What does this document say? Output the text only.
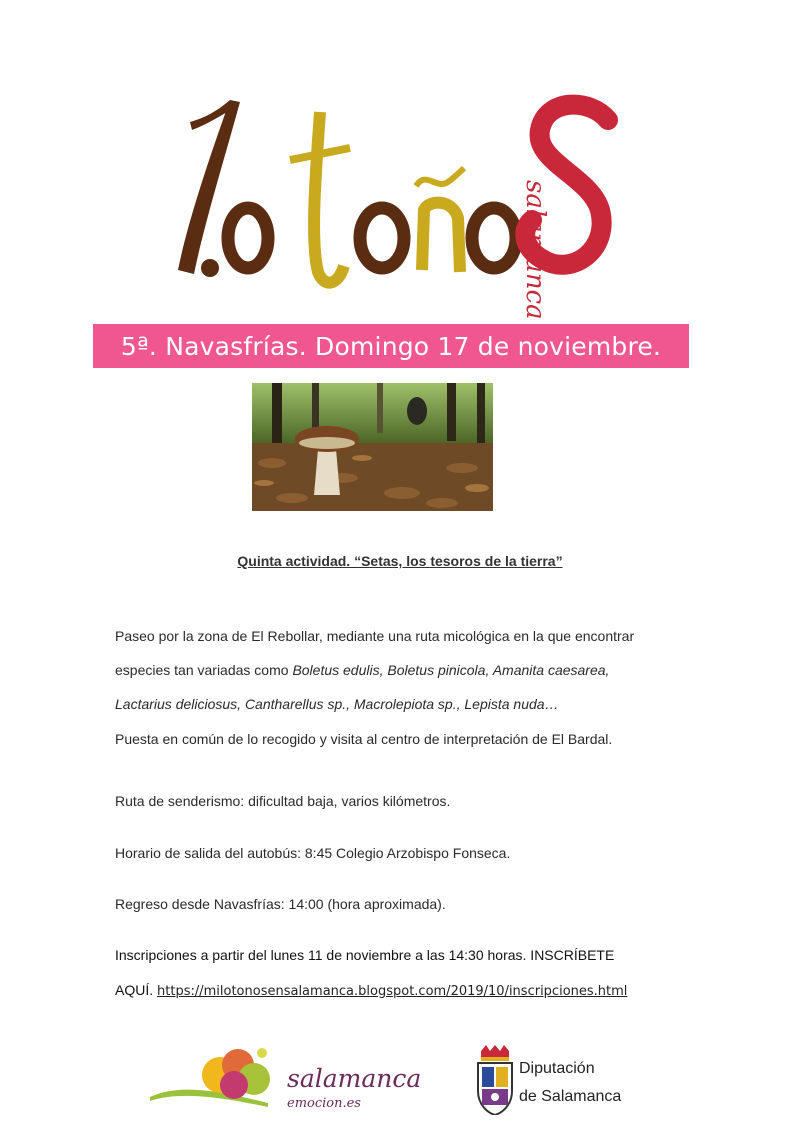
salamanca
5ª. Navasfrías. Domingo 17 de noviembre.
Quinta actividad. “Setas, los tesoros de la tierra”
Paseo por la zona de El Rebollar, mediante una ruta micológica en la que encontrar
especies tan variadas como Boletus edulis, Boletus pinicola, Amanita caesarea,
Lactarius deliciosus, Cantharellus sp., Macrolepiota sp., Lepista nuda…
Puesta en común de lo recogido y visita al centro de interpretación de El Bardal.
Ruta de senderismo: dificultad baja, varios kilómetros.
Horario de salida del autobús: 8:45 Colegio Arzobispo Fonseca.
Regreso desde Navasfrías: 14:00 (hora aproximada).
Inscripciones a partir del lunes 11 de noviembre a las 14:30 horas. INSCRÍBETE
AQUÍ. https://milotonosensalamanca.blogspot.com/2019/10/inscripciones.html
salamanca
emocion.es
Diputación
de Salamanca
